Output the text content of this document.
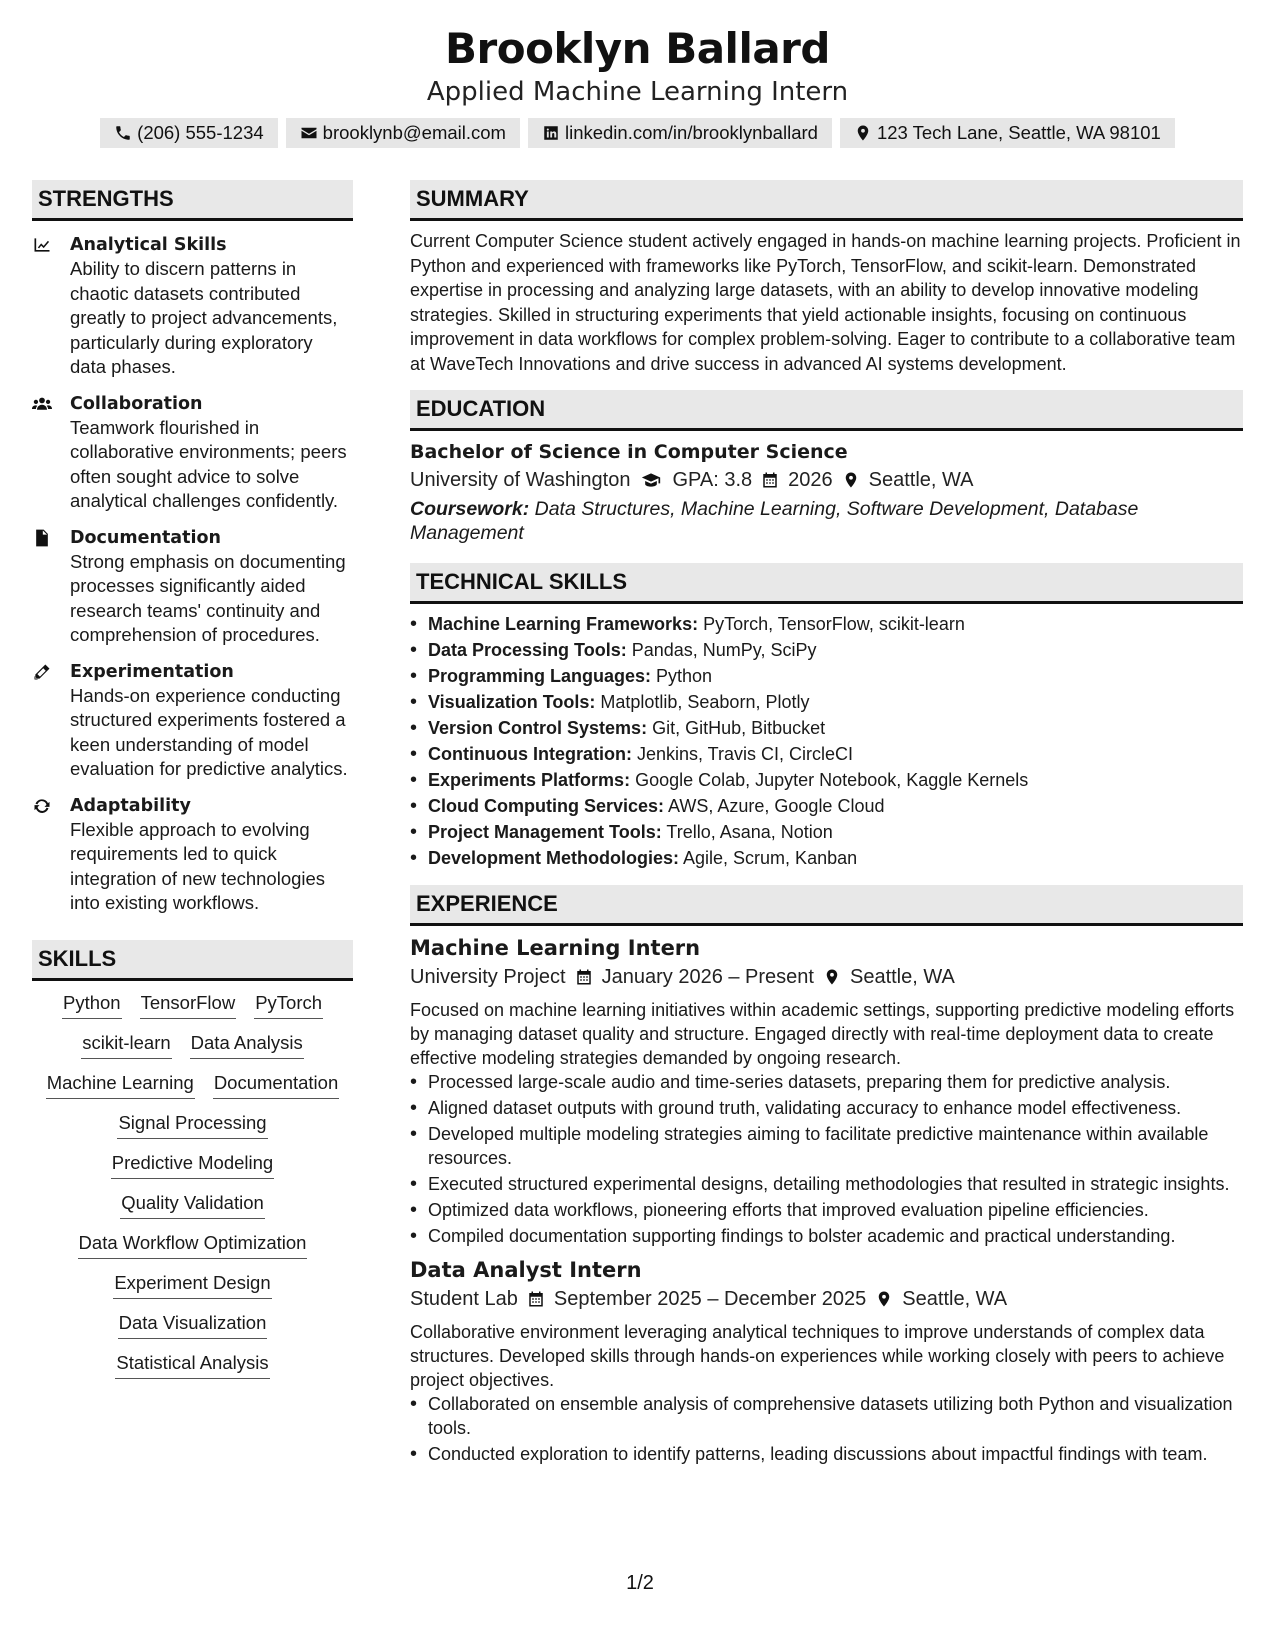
Brooklyn Ballard
Applied Machine Learning Intern
(206) 555-1234	brooklynb@email.com	linkedin.com/in/brooklynballard	123 Tech Lane, Seattle, WA 98101
STRENGTHS
Analytical Skills
Ability to discern patterns in chaotic datasets contributed greatly to project advancements, particularly during exploratory data phases.
Collaboration
Teamwork flourished in collaborative environments; peers often sought advice to solve analytical challenges confidently.
Documentation
Strong emphasis on documenting processes significantly aided research teams' continuity and comprehension of procedures.
Experimentation
Hands-on experience conducting structured experiments fostered a keen understanding of model evaluation for predictive analytics.
Adaptability
Flexible approach to evolving requirements led to quick integration of new technologies into existing workflows.
SKILLS
Python TensorFlow PyTorch
scikit-learn Data Analysis
Machine Learning Documentation
Signal Processing
Predictive Modeling
Quality Validation
Data Workflow Optimization
Experiment Design
Data Visualization
Statistical Analysis
SUMMARY
Current Computer Science student actively engaged in hands-on machine learning projects. Proficient in Python and experienced with frameworks like PyTorch, TensorFlow, and scikit-learn. Demonstrated expertise in processing and analyzing large datasets, with an ability to develop innovative modeling strategies. Skilled in structuring experiments that yield actionable insights, focusing on continuous improvement in data workflows for complex problem-solving. Eager to contribute to a collaborative team at WaveTech Innovations and drive success in advanced AI systems development.
EDUCATION
Bachelor of Science in Computer Science
University of Washington GPA: 3.8 2026 Seattle, WA
Coursework: Data Structures, Machine Learning, Software Development, Database Management
TECHNICAL SKILLS
• Machine Learning Frameworks: PyTorch, TensorFlow, scikit-learn
• Data Processing Tools: Pandas, NumPy, SciPy
• Programming Languages: Python
• Visualization Tools: Matplotlib, Seaborn, Plotly
• Version Control Systems: Git, GitHub, Bitbucket
• Continuous Integration: Jenkins, Travis CI, CircleCI
• Experiments Platforms: Google Colab, Jupyter Notebook, Kaggle Kernels
• Cloud Computing Services: AWS, Azure, Google Cloud
• Project Management Tools: Trello, Asana, Notion
• Development Methodologies: Agile, Scrum, Kanban
EXPERIENCE
Machine Learning Intern
University Project January 2026 – Present Seattle, WA
Focused on machine learning initiatives within academic settings, supporting predictive modeling efforts by managing dataset quality and structure. Engaged directly with real-time deployment data to create effective modeling strategies demanded by ongoing research.
• Processed large-scale audio and time-series datasets, preparing them for predictive analysis.
• Aligned dataset outputs with ground truth, validating accuracy to enhance model effectiveness.
• Developed multiple modeling strategies aiming to facilitate predictive maintenance within available resources.
• Executed structured experimental designs, detailing methodologies that resulted in strategic insights.
• Optimized data workflows, pioneering efforts that improved evaluation pipeline efficiencies.
• Compiled documentation supporting findings to bolster academic and practical understanding.
Data Analyst Intern
Student Lab September 2025 – December 2025 Seattle, WA
Collaborative environment leveraging analytical techniques to improve understands of complex data structures. Developed skills through hands-on experiences while working closely with peers to achieve project objectives.
• Collaborated on ensemble analysis of comprehensive datasets utilizing both Python and visualization tools.
• Conducted exploration to identify patterns, leading discussions about impactful findings with team.
1/2
